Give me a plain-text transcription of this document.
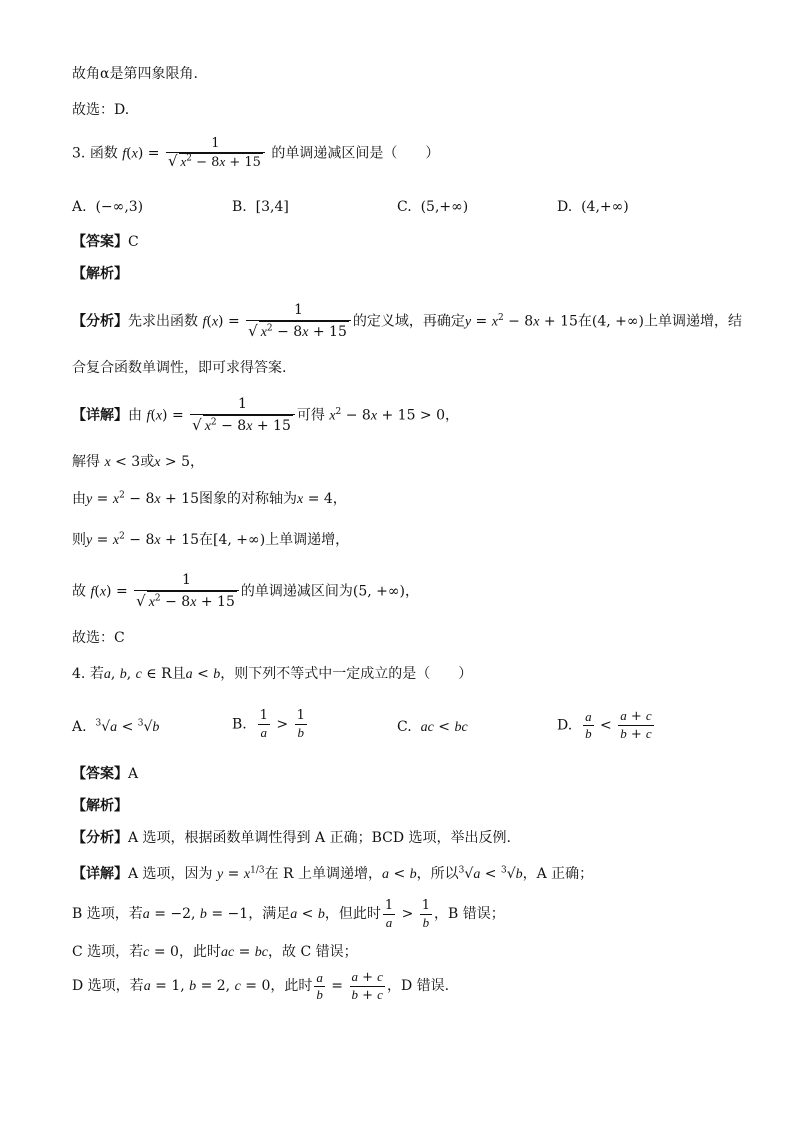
故角α是第四象限角.
故选：D.
3. 函数 $f(x) = \frac{1}{√ x^2 - 8x + 15}$ 的单调递减区间是（　　）
A. (−∞,3)	B. [3,4]	C. (5,+∞)	D. (4,+∞)
【答案】C
【解析】
【分析】先求出函数 $f(x) = \frac{1}{√ x^2 - 8x + 15}$ 的定义域，再确定$y = x^2 - 8x + 15$在(4, +∞)上单调递增，结
合复合函数单调性，即可求得答案.
【详解】由 $f(x) = \frac{1}{√ x^2 - 8x + 15}$ 可得 $x^2 - 8x + 15 > 0$，
解得 x < 3或x > 5，
由$y = x^2 - 8x + 15$图象的对称轴为x = 4，
则$y = x^2 - 8x + 15$在[4, +∞)上单调递增，
故 $f(x) = \frac{1}{√ x^2 - 8x + 15}$ 的单调递减区间为(5, +∞)，
故选：C
4. 若a, b, c ∈ R且a < b，则下列不等式中一定成立的是（　　）
A. $^3$√a < $^3$√b	B. $\frac{1}{a} > \frac{1}{b}$	C. ac < bc	D. $\frac{a}{b} < \frac{a + c}{b + c}$
【答案】A
【解析】
【分析】A 选项，根据函数单调性得到 A 正确；BCD 选项，举出反例.
【详解】A 选项，因为 $y = x^{1/3}$在 R 上单调递增，a < b，所以$^3$√a < $^3$√b，A 正确；
B 选项，若a = −2, b = −1，满足a < b，但此时 $\frac{1}{a} > \frac{1}{b}$ ，B 错误；
C 选项，若c = 0，此时ac = bc，故 C 错误；
D 选项，若a = 1, b = 2, c = 0，此时 $\frac{a}{b} = \frac{a + c}{b + c}$ ，D 错误.
